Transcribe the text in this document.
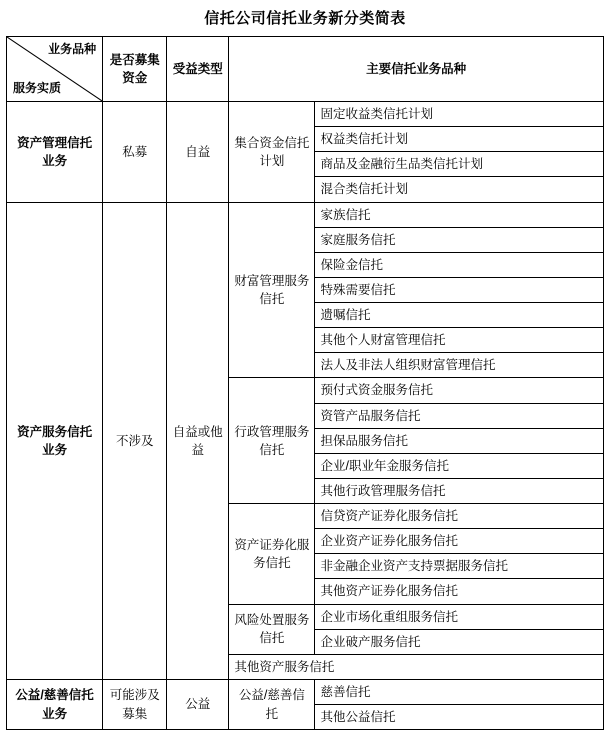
信托公司信托业务新分类简表
业务品种
服务实质	是否募集资金	受益类型	主要信托业务品种	
资产管理信托业务	私募	自益	集合资金信托计划	固定收益类信托计划
				权益类信托计划
				商品及金融衍生品类信托计划
				混合类信托计划
资产服务信托业务	不涉及	自益或他益	财富管理服务信托	家族信托
				家庭服务信托
				保险金信托
				特殊需要信托
				遗嘱信托
				其他个人财富管理信托
				法人及非法人组织财富管理信托
			行政管理服务信托	预付式资金服务信托
				资管产品服务信托
				担保品服务信托
				企业/职业年金服务信托
				其他行政管理服务信托
			资产证券化服务信托	信贷资产证券化服务信托
				企业资产证券化服务信托
				非金融企业资产支持票据服务信托
				其他资产证券化服务信托
			风险处置服务信托	企业市场化重组服务信托
				企业破产服务信托
			其他资产服务信托	
公益/慈善信托业务	可能涉及募集	公益	公益/慈善信托	慈善信托
				其他公益信托
